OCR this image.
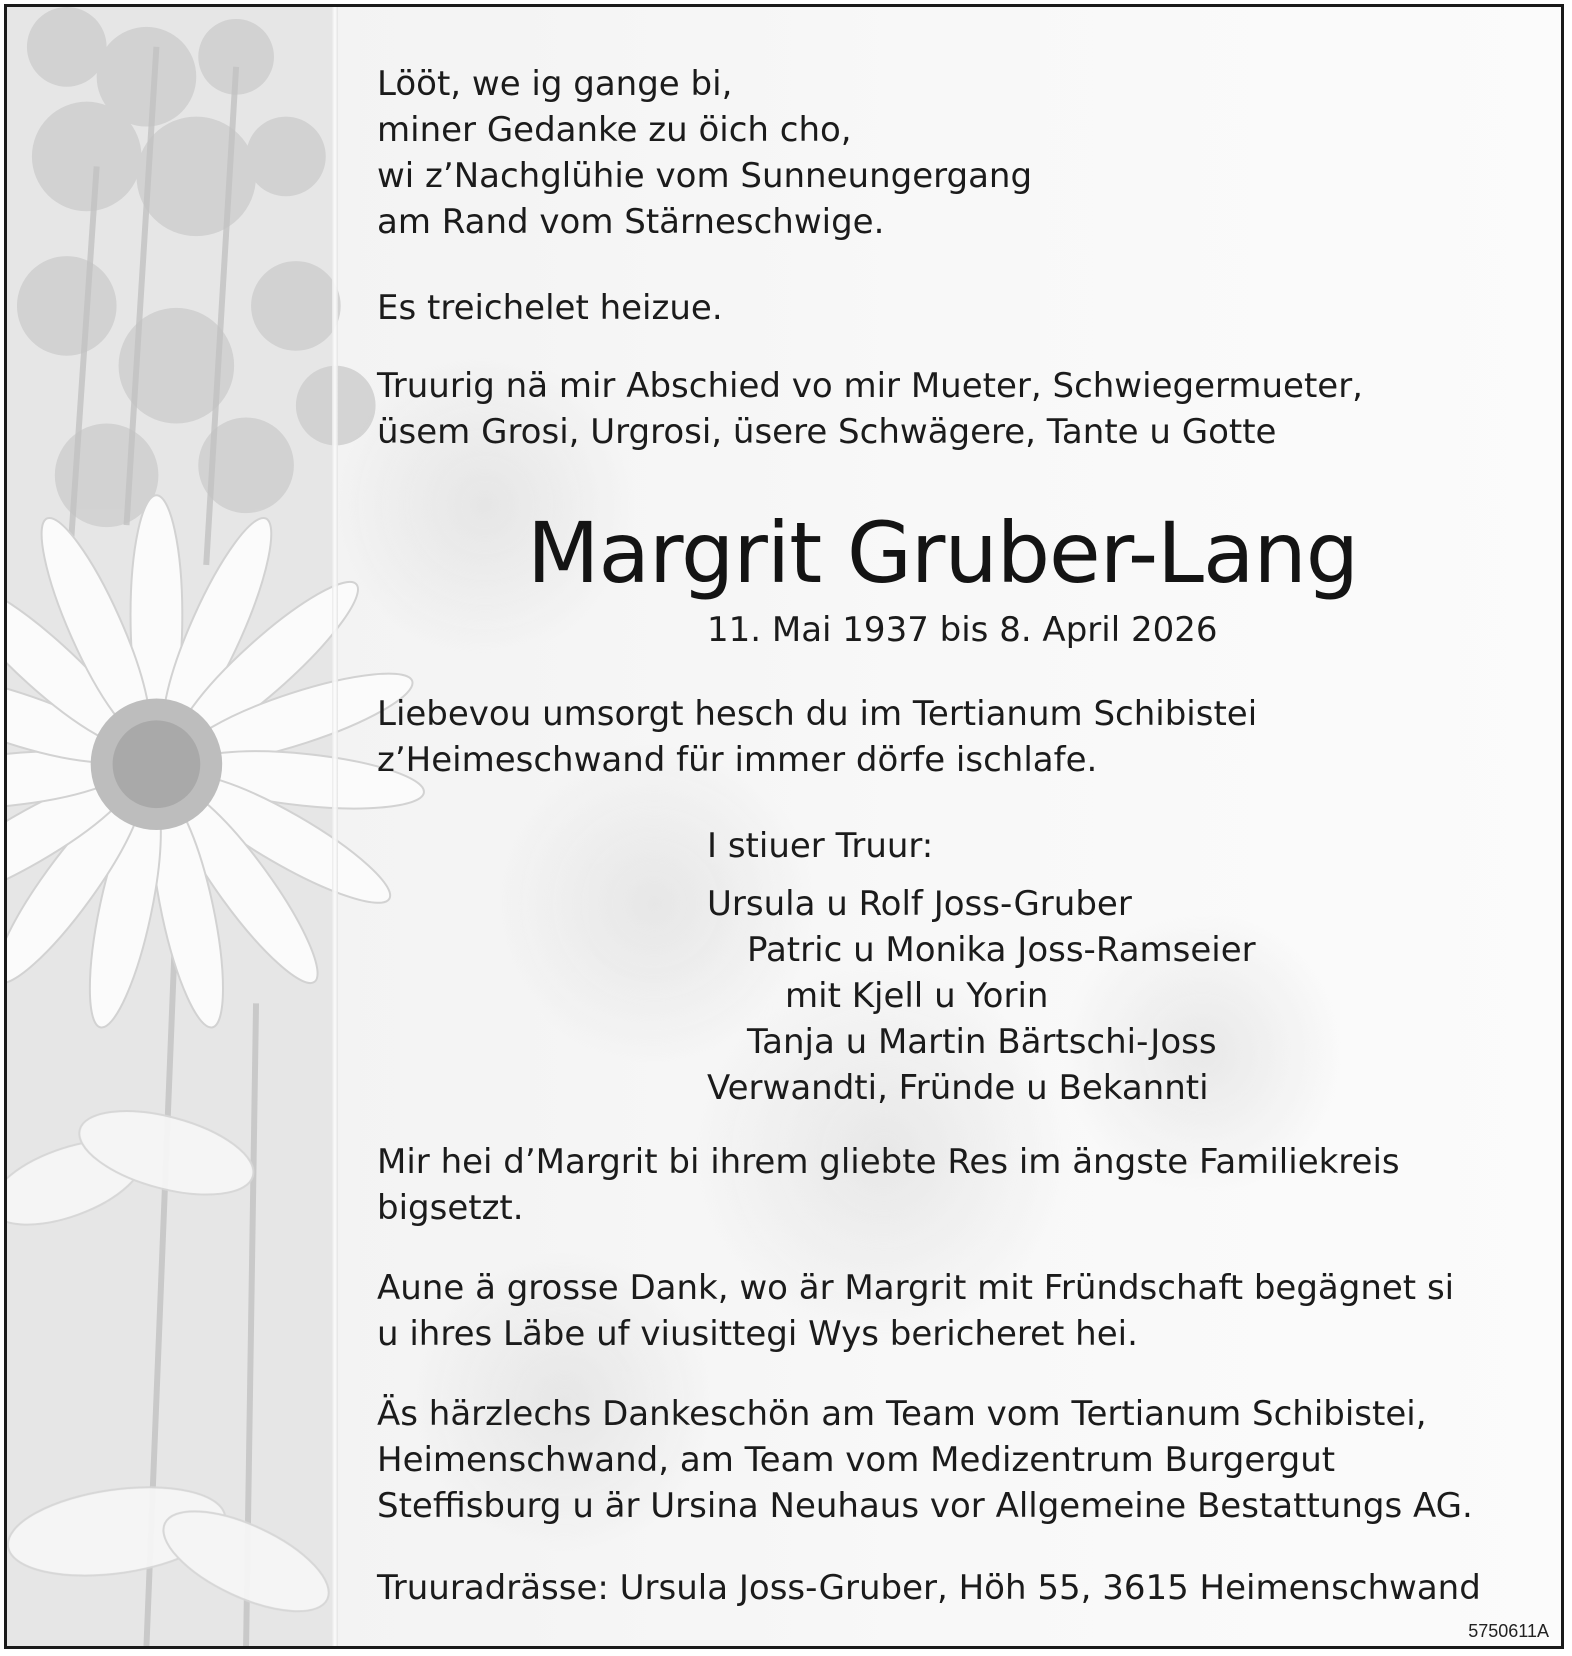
Lööt, we ig gange bi,
miner Gedanke zu öich cho,
wi z’Nachglühie vom Sunneungergang
am Rand vom Stärneschwige.
Es treichelet heizue.
Truurig nä mir Abschied vo mir Mueter, Schwiegermueter,
üsem Grosi, Urgrosi, üsere Schwägere, Tante u Gotte
Margrit Gruber-Lang
11. Mai 1937 bis 8. April 2026
Liebevou umsorgt hesch du im Tertianum Schibistei
z’Heimeschwand für immer dörfe ischlafe.
I stiuer Truur:
Ursula u Rolf Joss-Gruber
Patric u Monika Joss-Ramseier
mit Kjell u Yorin
Tanja u Martin Bärtschi-Joss
Verwandti, Fründe u Bekannti
Mir hei d’Margrit bi ihrem gliebte Res im ängste Familiekreis
bigsetzt.
Aune ä grosse Dank, wo är Margrit mit Fründschaft begägnet si
u ihres Läbe uf viusittegi Wys bericheret hei.
Äs härzlechs Dankeschön am Team vom Tertianum Schibistei,
Heimenschwand, am Team vom Medizentrum Burgergut
Steffisburg u är Ursina Neuhaus vor Allgemeine Bestattungs AG.
Truuradrässe: Ursula Joss-Gruber, Höh 55, 3615 Heimenschwand
5750611A
